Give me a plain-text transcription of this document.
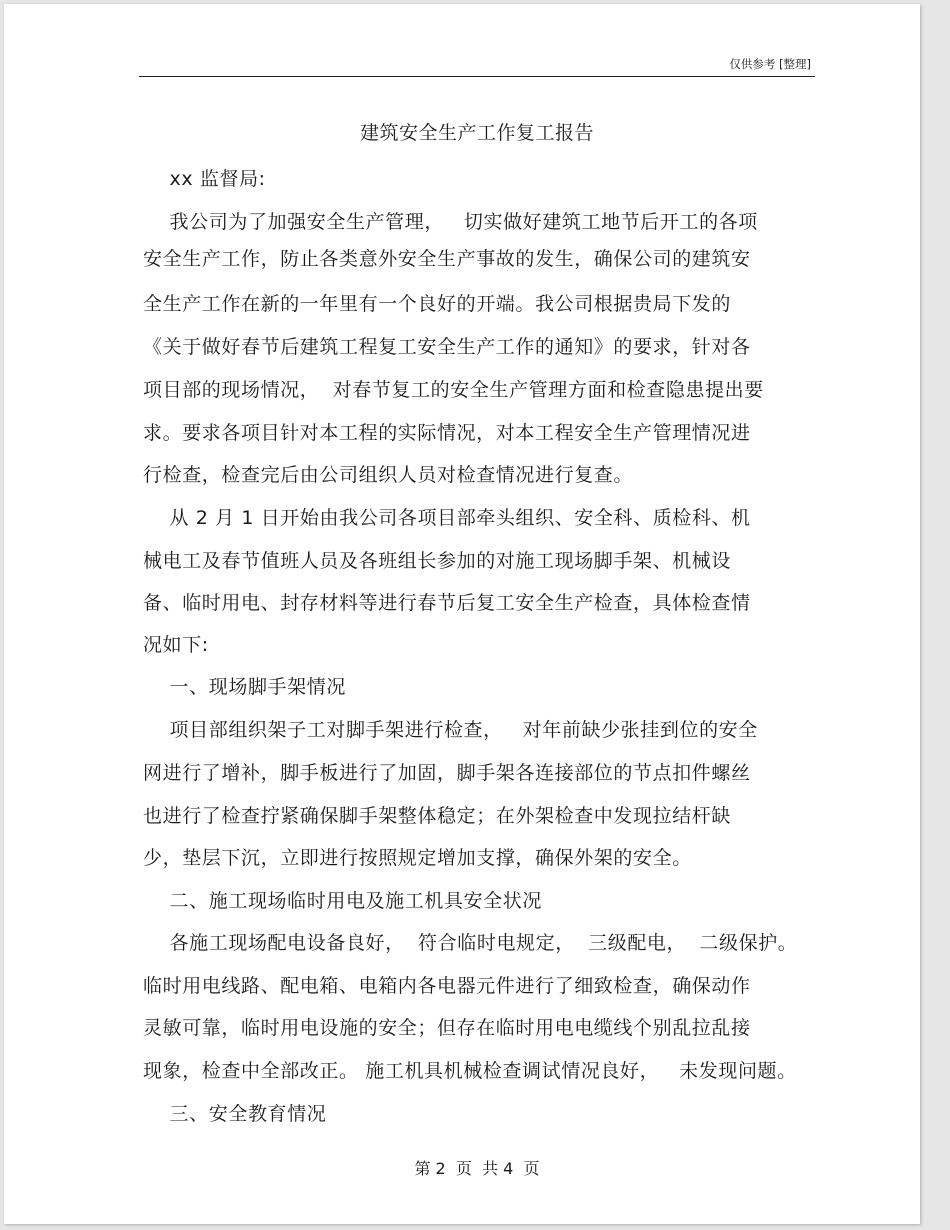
仅供参考 [整理]
建筑安全生产工作复工报告
xx 监督局:
我公司为了加强安全生产管理，   切实做好建筑工地节后开工的各项
安全生产工作，防止各类意外安全生产事故的发生，确保公司的建筑安
全生产工作在新的一年里有一个良好的开端。我公司根据贵局下发的
《关于做好春节后建筑工程复工安全生产工作的通知》的要求，针对各
项目部的现场情况，  对春节复工的安全生产管理方面和检查隐患提出要
求。要求各项目针对本工程的实际情况，对本工程安全生产管理情况进
行检查，检查完后由公司组织人员对检查情况进行复查。
从 2 月 1 日开始由我公司各项目部牵头组织、安全科、质检科、机
械电工及春节值班人员及各班组长参加的对施工现场脚手架、机械设
备、临时用电、封存材料等进行春节后复工安全生产检查，具体检查情
况如下:
一、现场脚手架情况
项目部组织架子工对脚手架进行检查，   对年前缺少张挂到位的安全
网进行了增补，脚手板进行了加固，脚手架各连接部位的节点扣件螺丝
也进行了检查拧紧确保脚手架整体稳定；在外架检查中发现拉结杆缺
少，垫层下沉，立即进行按照规定增加支撑，确保外架的安全。
二、施工现场临时用电及施工机具安全状况
各施工现场配电设备良好，  符合临时电规定，  三级配电，  二级保护。
临时用电线路、配电箱、电箱内各电器元件进行了细致检查，确保动作
灵敏可靠，临时用电设施的安全；但存在临时用电电缆线个别乱拉乱接
现象，检查中全部改正。 施工机具机械检查调试情况良好，   未发现问题。
三、安全教育情况
第 2  页  共 4  页
